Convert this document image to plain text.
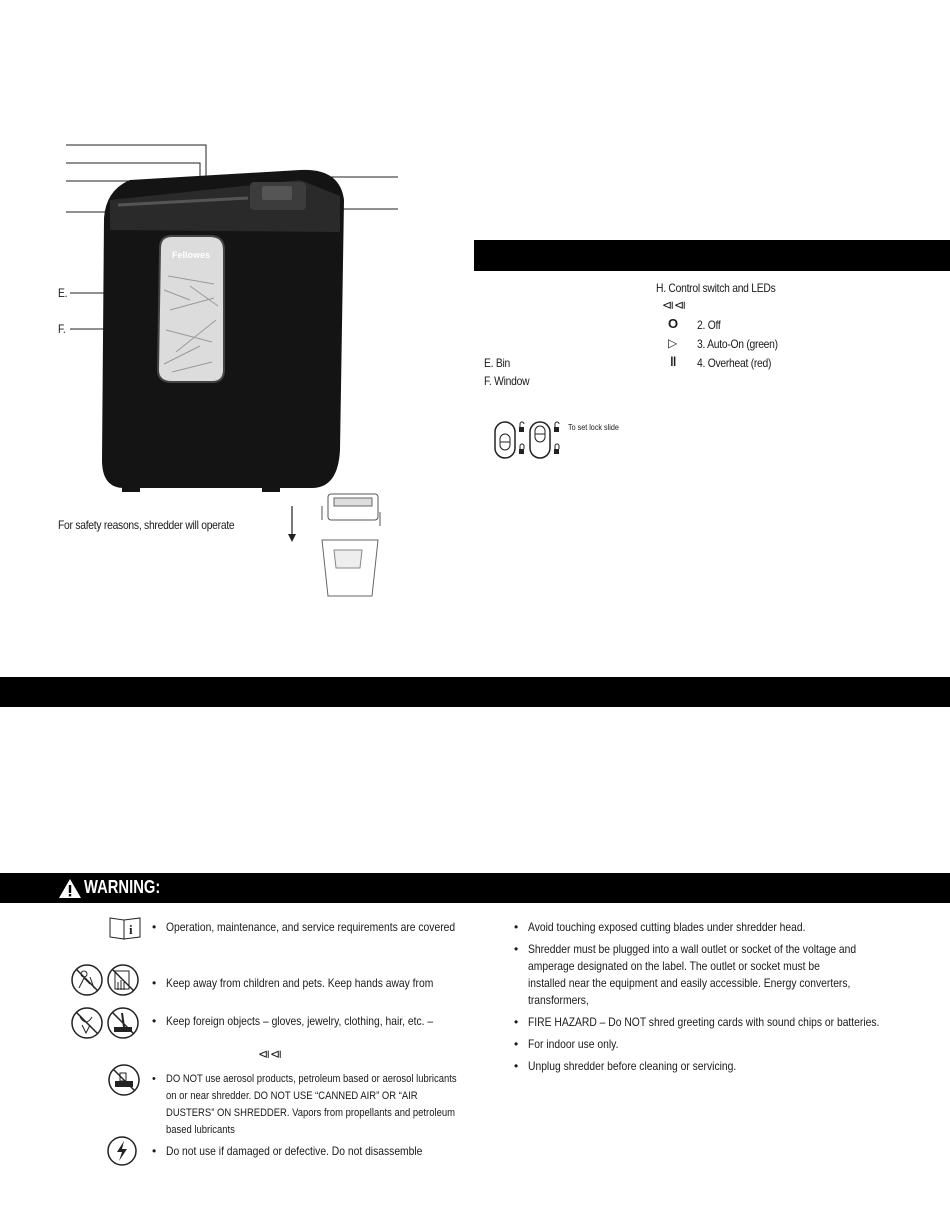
Fellowes
E.
F.
For safety reasons, shredder will operate
H. Control switch and LEDs
⧏⧏
O 2. Off
▷ 3. Auto-On (green)
‖ 4. Overheat (red)
E. Bin
F. Window
To set lock slide
WARNING:
i • Operation, maintenance, and service requirements are covered
• Keep away from children and pets. Keep hands away from
• Keep foreign objects – gloves, jewelry, clothing, hair, etc. –
⧏⧏
• DO NOT use aerosol products, petroleum based or aerosol lubricants on or near shredder. DO NOT USE “CANNED AIR” OR “AIR DUSTERS” ON SHREDDER. Vapors from propellants and petroleum based lubricants
• Do not use if damaged or defective. Do not disassemble
• Avoid touching exposed cutting blades under shredder head.
• Shredder must be plugged into a wall outlet or socket of the voltage and amperage designated on the label. The outlet or socket must be installed near the equipment and easily accessible. Energy converters, transformers,
• FIRE HAZARD – Do NOT shred greeting cards with sound chips or batteries.
• For indoor use only.
• Unplug shredder before cleaning or servicing.
